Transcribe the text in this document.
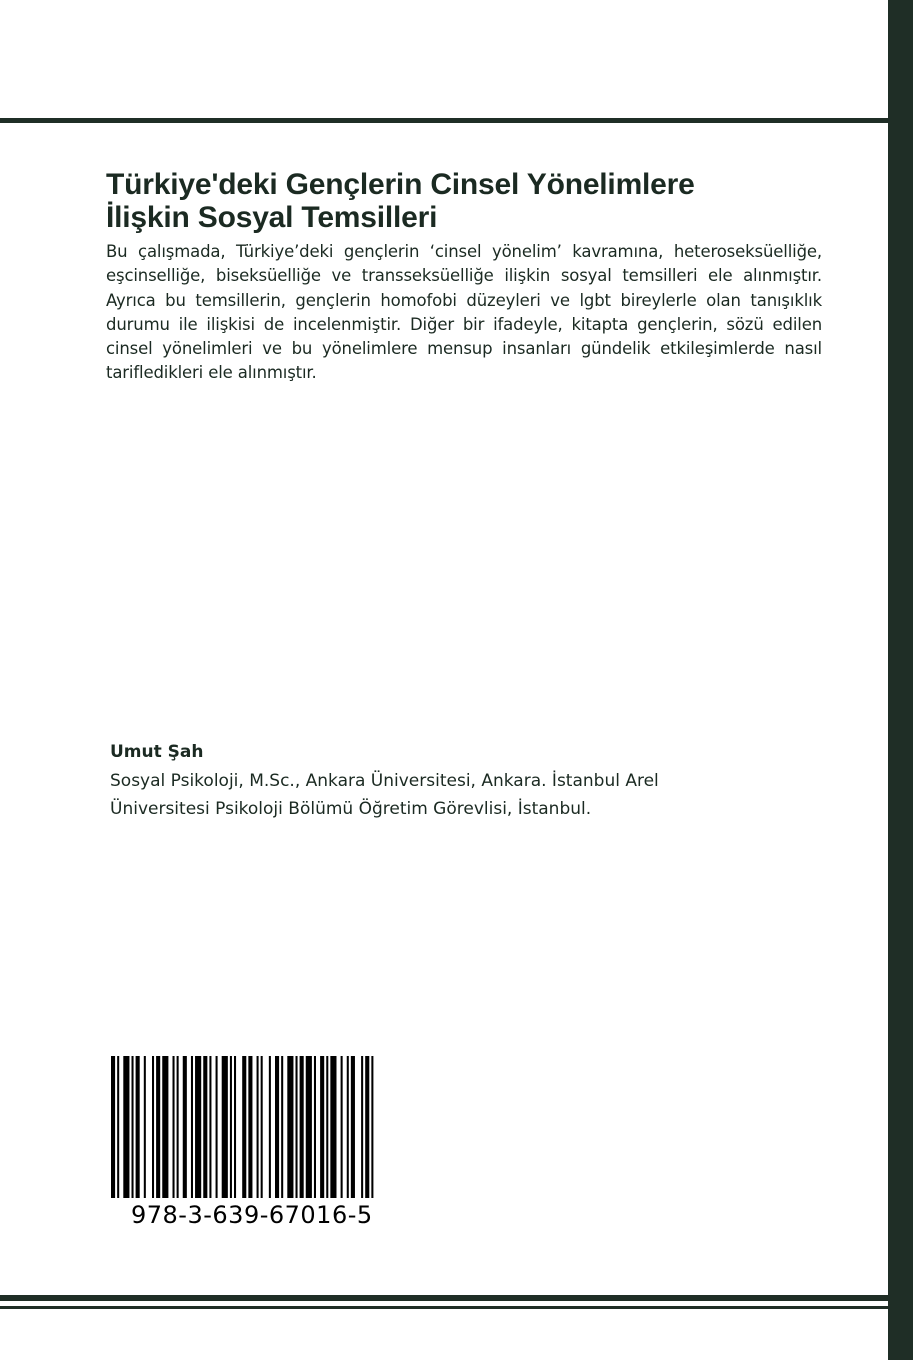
Türkiye'deki Gençlerin Cinsel Yönelimlere
İlişkin Sosyal Temsilleri

Bu çalışmada, Türkiye’deki gençlerin ‘cinsel yönelim’ kavramına, heteroseksüelliğe, eşcinselliğe, biseksüelliğe ve transseksüelliğe ilişkin sosyal temsilleri ele alınmıştır. Ayrıca bu temsillerin, gençlerin homofobi düzeyleri ve lgbt bireylerle olan tanışıklık durumu ile ilişkisi de incelenmiştir. Diğer bir ifadeyle, kitapta gençlerin, sözü edilen cinsel yönelimleri ve bu yönelimlere mensup insanları gündelik etkileşimlerde nasıl tarifledikleri ele alınmıştır.

Umut Şah

Sosyal Psikoloji, M.Sc., Ankara Üniversitesi, Ankara. İstanbul Arel
Üniversitesi Psikoloji Bölümü Öğretim Görevlisi, İstanbul.

978-3-639-67016-5
